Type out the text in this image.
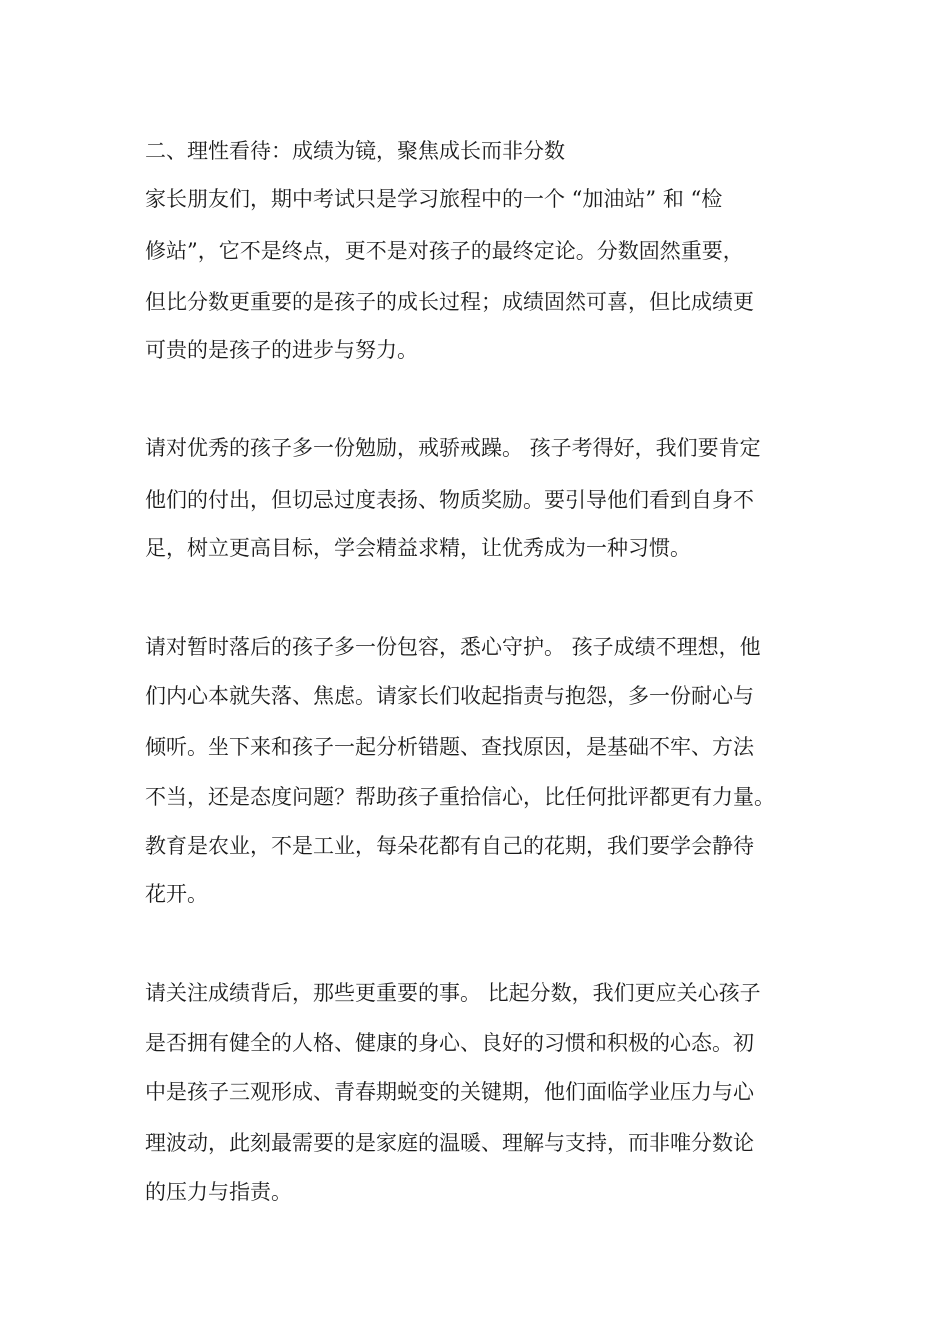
二、理性看待：成绩为镜，聚焦成长而非分数
家长朋友们，期中考试只是学习旅程中的一个 “加油站” 和 “检
修站”，它不是终点，更不是对孩子的最终定论。分数固然重要，
但比分数更重要的是孩子的成长过程；成绩固然可喜，但比成绩更
可贵的是孩子的进步与努力。
请对优秀的孩子多一份勉励，戒骄戒躁。 孩子考得好，我们要肯定
他们的付出，但切忌过度表扬、物质奖励。要引导他们看到自身不
足，树立更高目标，学会精益求精，让优秀成为一种习惯。
请对暂时落后的孩子多一份包容，悉心守护。 孩子成绩不理想，他
们内心本就失落、焦虑。请家长们收起指责与抱怨，多一份耐心与
倾听。坐下来和孩子一起分析错题、查找原因，是基础不牢、方法
不当，还是态度问题？帮助孩子重拾信心，比任何批评都更有力量。
教育是农业，不是工业，每朵花都有自己的花期，我们要学会静待
花开。
请关注成绩背后，那些更重要的事。 比起分数，我们更应关心孩子
是否拥有健全的人格、健康的身心、良好的习惯和积极的心态。初
中是孩子三观形成、青春期蜕变的关键期，他们面临学业压力与心
理波动，此刻最需要的是家庭的温暖、理解与支持，而非唯分数论
的压力与指责。
